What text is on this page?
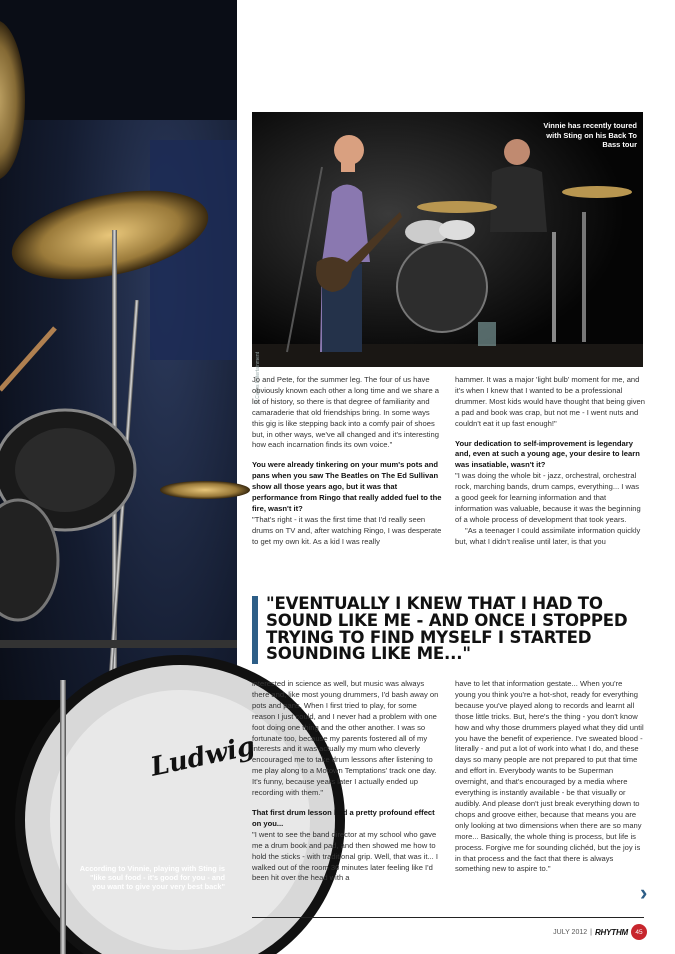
Ludwig
According to Vinnie, playing with Sting is "like soul food - it's good for you - and you want to give your very best back"
Vinnie has recently toured with Sting on his Back To Bass tour
© Cubes Entertainment

Jo and Pete, for the summer leg. The four of us have obviously known each other a long time and we share a lot of history, so there is that degree of familiarity and camaraderie that old friendships bring. In some ways this gig is like stepping back into a comfy pair of shoes but, in other ways, we've all changed and it's interesting how each incarnation finds its own voice."

You were already tinkering on your mum's pots and pans when you saw The Beatles on The Ed Sullivan show all those years ago, but it was that performance from Ringo that really added fuel to the fire, wasn't it?

"That's right - it was the first time that I'd really seen drums on TV and, after watching Ringo, I was desperate to get my own kit. As a kid I was really

hammer. It was a major 'light bulb' moment for me, and it's when I knew that I wanted to be a professional drummer. Most kids would have thought that being given a pad and book was crap, but not me - I went nuts and couldn't eat it up fast enough!"

Your dedication to self-improvement is legendary and, even at such a young age, your desire to learn was insatiable, wasn't it?

"I was doing the whole bit - jazz, orchestral, orchestral rock, marching bands, drum camps, everything... I was a good geek for learning information and that information was valuable, because it was the beginning of a whole process of development that took years.

"As a teenager I could assimilate information quickly but, what I didn't realise until later, is that you

"EVENTUALLY I KNEW THAT I HAD TO SOUND LIKE ME - AND ONCE I STOPPED TRYING TO FIND MYSELF I STARTED SOUNDING LIKE ME..."

interested in science as well, but music was always there and, like most young drummers, I'd bash away on pots and pans. When I first tried to play, for some reason I just could, and I never had a problem with one foot doing one thing and the other another. I was so fortunate too, because my parents fostered all of my interests and it was actually my mum who cleverly encouraged me to take drum lessons after listening to me play along to a Motown Temptations' track one day. It's funny, because years later I actually ended up recording with them."

That first drum lesson had a pretty profound effect on you...

"I went to see the band director at my school who gave me a drum book and pad, and then showed me how to hold the sticks - with traditional grip. Well, that was it... I walked out of the room 30 minutes later feeling like I'd been hit over the head with a

have to let that information gestate... When you're young you think you're a hot-shot, ready for everything because you've played along to records and learnt all those little tricks. But, here's the thing - you don't know how and why those drummers played what they did until you have the benefit of experience. I've sweated blood - literally - and put a lot of work into what I do, and these days so many people are not prepared to put that time and effort in. Everybody wants to be Superman overnight, and that's encouraged by a media where everything is instantly available - be that visually or audibly. And please don't just break everything down to chops and groove either, because that means you are only looking at two dimensions when there are so many more... Basically, the whole thing is process, but life is process. Forgive me for sounding clichéd, but the joy is in that process and the fact that there is always something new to aspire to."

›
JULY 2012 | RHYTHM	45
